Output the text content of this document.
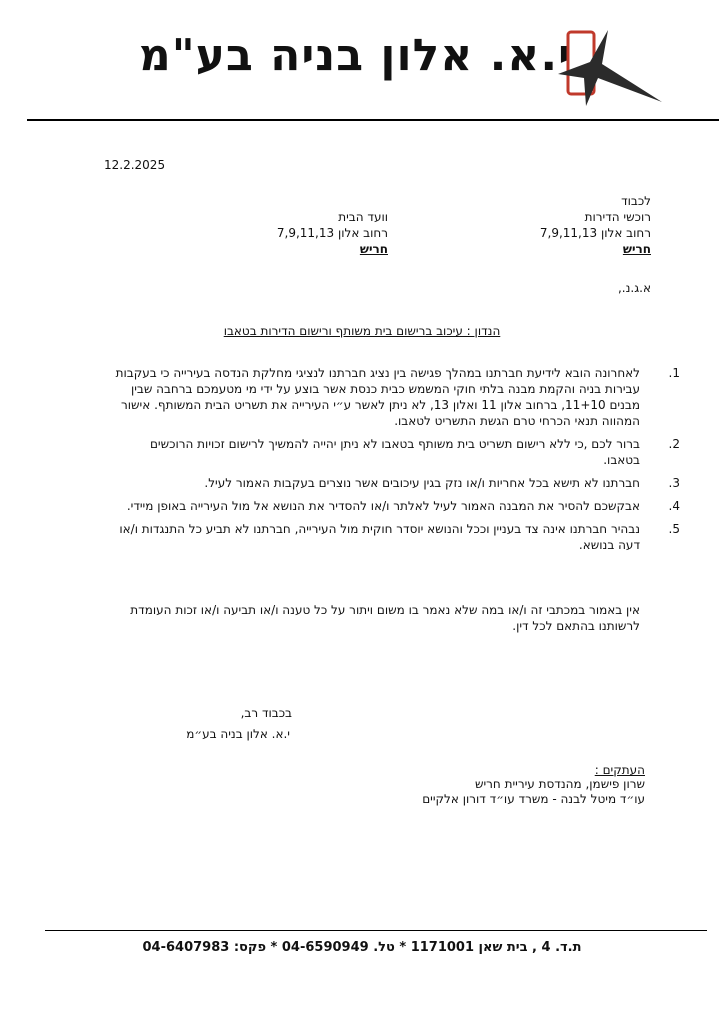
י.א. אלון בניה בע"מ
12.2.2025
לכבוד
רוכשי הדירות
רחוב אלון 7,9,11,13
חריש
וועד הבית
רחוב אלון 7,9,11,13
חריש
א.ג.נ.,
הנדון : עיכוב ברישום בית משותף ורישום הדירות בטאבו
1.
לאחרונה הובא לידיעת חברתנו במהלך פגישה בין נציג חברתנו לנציגי מחלקת הנדסה בעירייה כי בעקבות עבירות בניה והקמת מבנה בלתי חוקי המשמש כבית כנסת אשר בוצע על ידי מי מטעמכם ברחבה שבין מבנים 11+10, ברחוב אלון 11 ואלון 13, לא ניתן לאשר ע״י העירייה את תשריט הבית המשותף. אישור המהווה תנאי הכרחי טרם הגשת התשריט לטאבו.
2.
ברור לכם ,כי ללא רישום תשריט בית משותף בטאבו לא ניתן יהייה להמשיך לרישום זכויות הרוכשים בטאבו.
3.
חברתנו לא תישא בכל אחריות ו/או נזק בגין עיכובים אשר נוצרים בעקבות האמור לעיל.
4.
אבקשכם להסיר את המבנה האמור לעיל לאלתר ו/או להסדיר את הנושא אל מול העירייה באופן מיידי.
5.
נבהיר חברתנו אינה צד בעניין וככל והנושא יוסדר חוקית מול העירייה, חברתנו לא תביע כל התנגדות ו/או דעה בנושא.
אין באמור במכתבי זה ו/או במה שלא נאמר בו משום ויתור על כל טענה ו/או תביעה ו/או זכות העומדת לרשותנו בהתאם לכל דין.
בכבוד רב,
י.א. אלון בניה בע״מ
העתקים :
שרון פישמן, מהנדסת עיריית חריש
עו״ד מיטל לבנה - משרד עו״ד דורון אלקיים
ת.ד. 4 , בית שאן 1171001 * טל. 04-6590949 * פקס: 04-6407983
